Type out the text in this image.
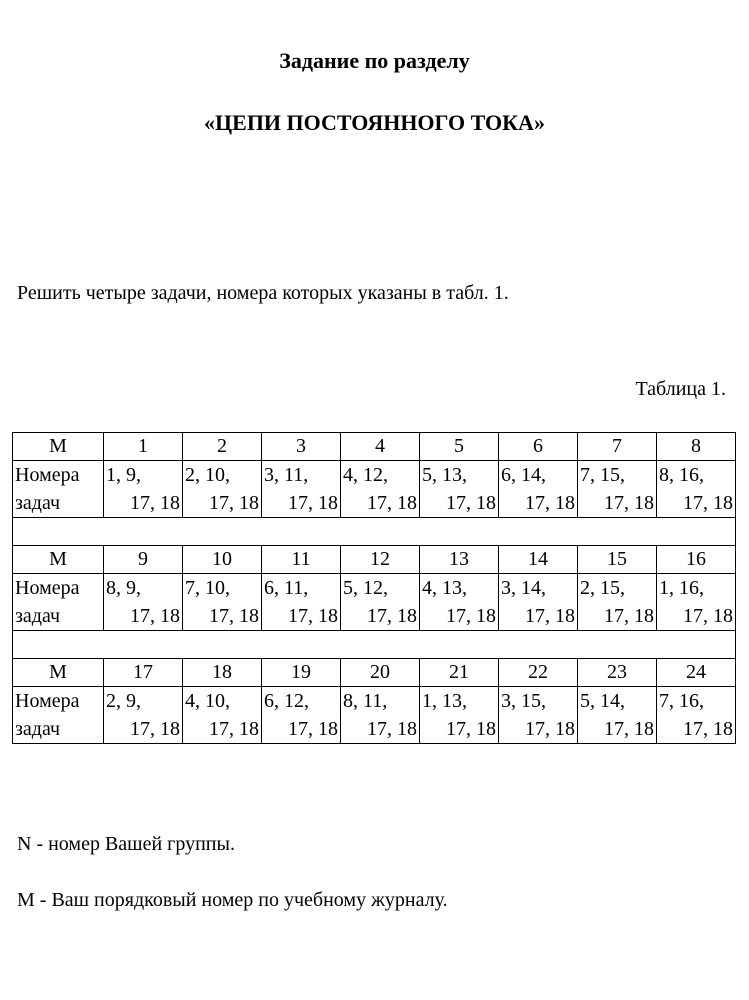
Задание по разделу
«ЦЕПИ ПОСТОЯННОГО ТОКА»
Решить четыре задачи, номера которых указаны в табл. 1.
Таблица 1.
М	1	2	3	4	5	6	7	8

Номера
задач	1, 9,
17, 18	2, 10,
17, 18	3, 11,
17, 18	4, 12,
17, 18	5, 13,
17, 18	6, 14,
17, 18	7, 15,
17, 18	8, 16,
17, 18

М	9	10	11	12	13	14	15	16

Номера
задач	8, 9,
17, 18	7, 10,
17, 18	6, 11,
17, 18	5, 12,
17, 18	4, 13,
17, 18	3, 14,
17, 18	2, 15,
17, 18	1, 16,
17, 18

М	17	18	19	20	21	22	23	24

Номера
задач	2, 9,
17, 18	4, 10,
17, 18	6, 12,
17, 18	8, 11,
17, 18	1, 13,
17, 18	3, 15,
17, 18	5, 14,
17, 18	7, 16,
17, 18
N - номер Вашей группы.
М - Ваш порядковый номер по учебному журналу.
